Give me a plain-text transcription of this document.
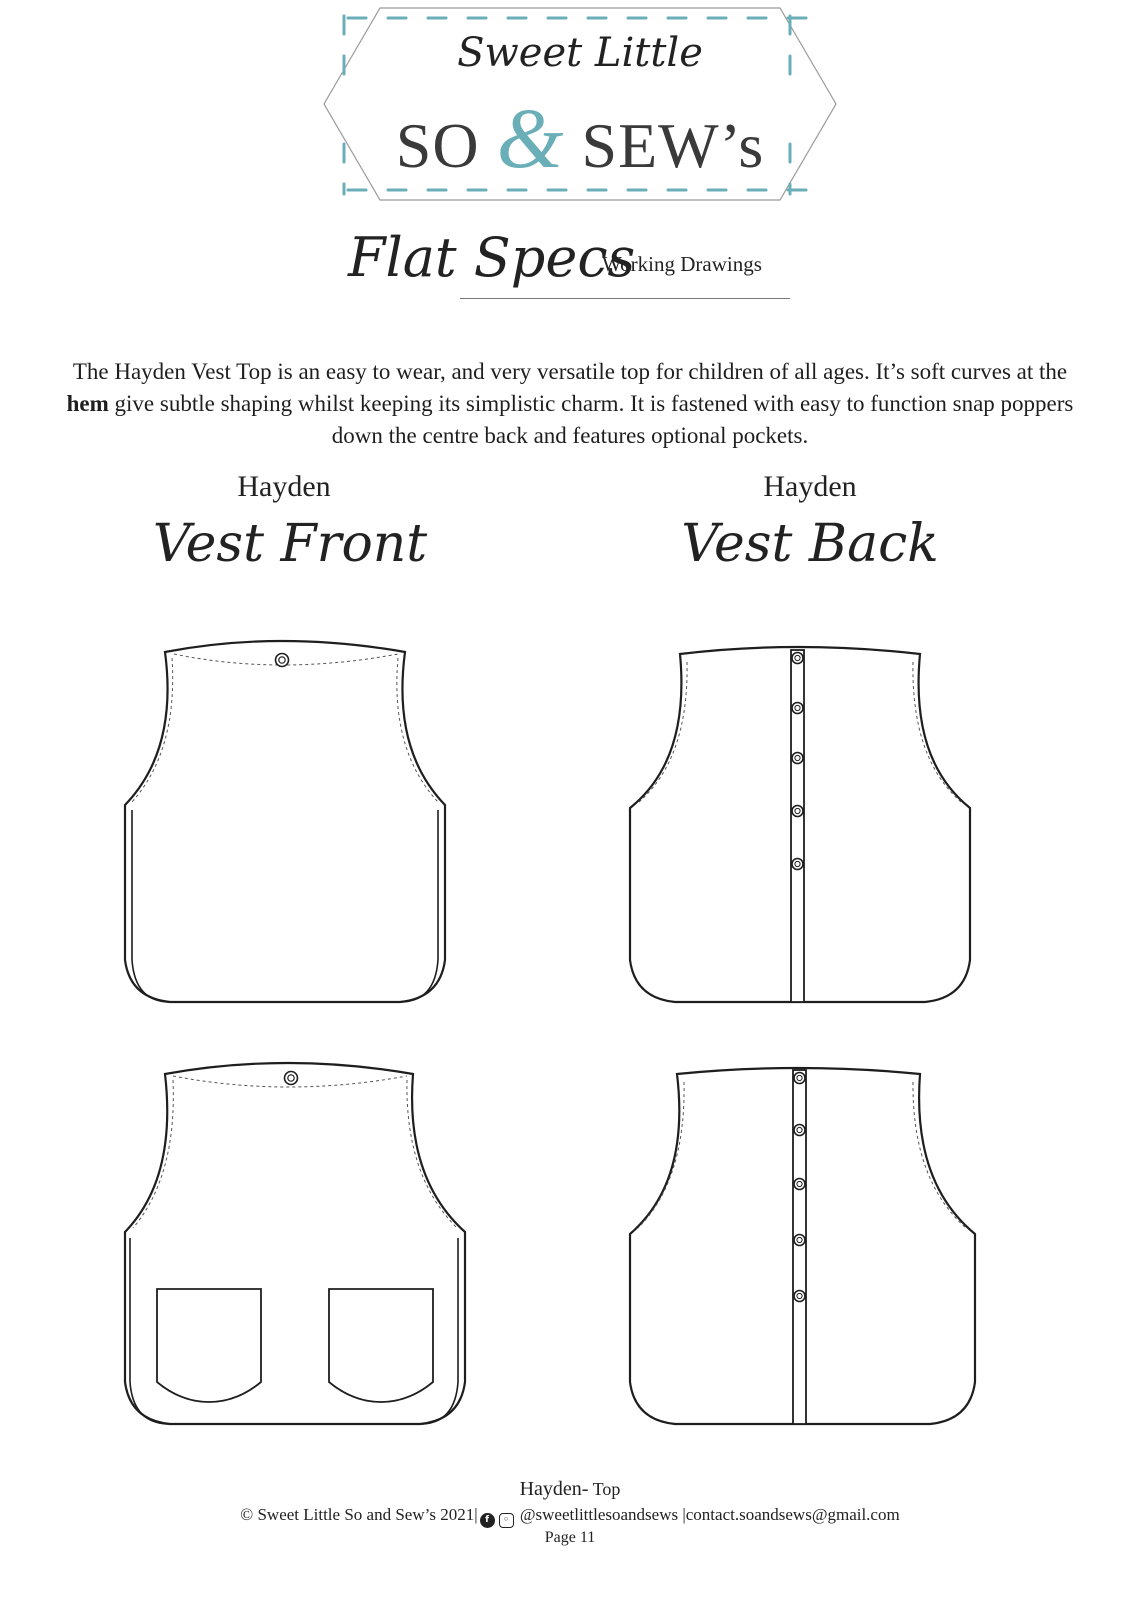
Sweet Little
SO & SEW’s
Flat Specs
Working Drawings
The Hayden Vest Top is an easy to wear, and very versatile top for children of all ages. It’s soft curves at the hem give subtle shaping whilst keeping its simplistic charm. It is fastened with easy to function snap poppers down the centre back and features optional pockets.
Hayden
Vest Front
Hayden
Vest Back
Hayden- Top
© Sweet Little So and Sew’s 2021| f ◦ @sweetlittlesoandsews |contact.soandsews@gmail.com
Page 11
